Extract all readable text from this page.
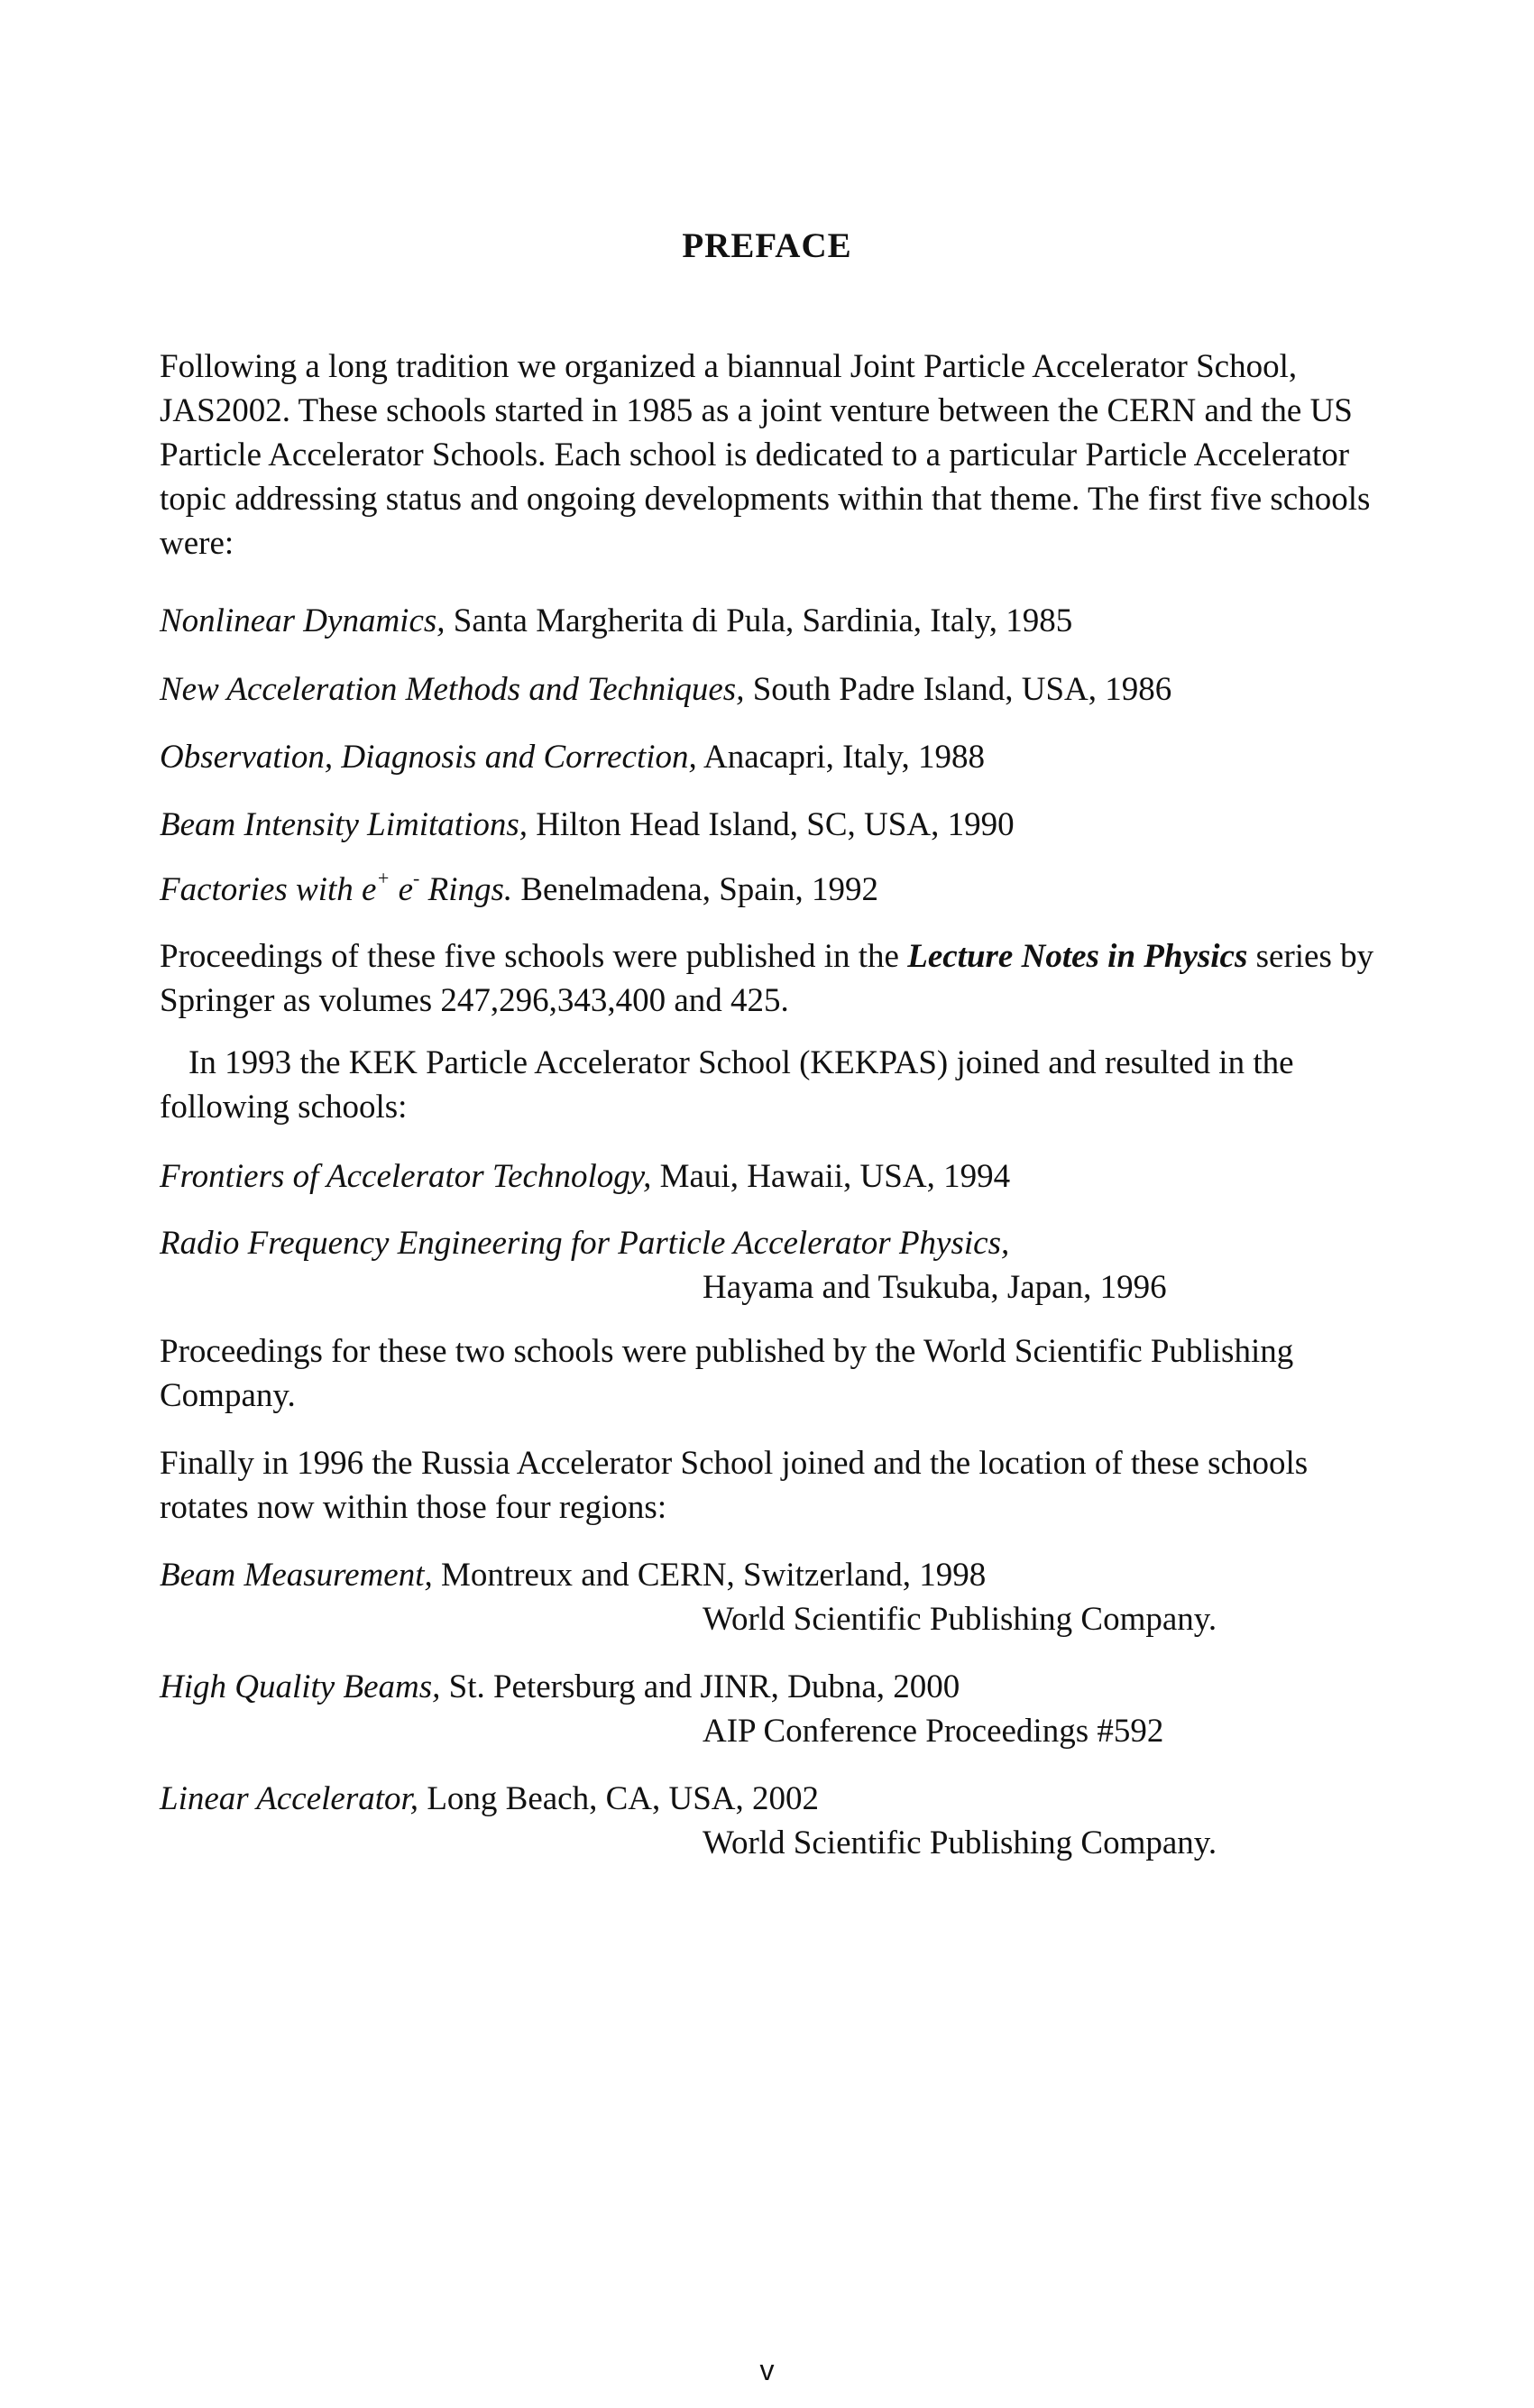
PREFACE

Following a long tradition we organized a biannual Joint Particle Accelerator School, JAS2002. These schools started in 1985 as a joint venture between the CERN and the US Particle Accelerator Schools. Each school is dedicated to a particular Particle Accelerator topic addressing status and ongoing developments within that theme. The first five schools were:

Nonlinear Dynamics, Santa Margherita di Pula, Sardinia, Italy, 1985
New Acceleration Methods and Techniques, South Padre Island, USA, 1986
Observation, Diagnosis and Correction, Anacapri, Italy, 1988
Beam Intensity Limitations, Hilton Head Island, SC, USA, 1990
Factories with e+ e- Rings. Benelmadena, Spain, 1992

Proceedings of these five schools were published in the Lecture Notes in Physics series by Springer as volumes 247,296,343,400 and 425.

In 1993 the KEK Particle Accelerator School (KEKPAS) joined and resulted in the following schools:

Frontiers of Accelerator Technology, Maui, Hawaii, USA, 1994
Radio Frequency Engineering for Particle Accelerator Physics,
Hayama and Tsukuba, Japan, 1996

Proceedings for these two schools were published by the World Scientific Publishing Company.

Finally in 1996 the Russia Accelerator School joined and the location of these schools rotates now within those four regions:

Beam Measurement, Montreux and CERN, Switzerland, 1998
World Scientific Publishing Company.
High Quality Beams, St. Petersburg and JINR, Dubna, 2000
AIP Conference Proceedings #592
Linear Accelerator, Long Beach, CA, USA, 2002
World Scientific Publishing Company.
v
